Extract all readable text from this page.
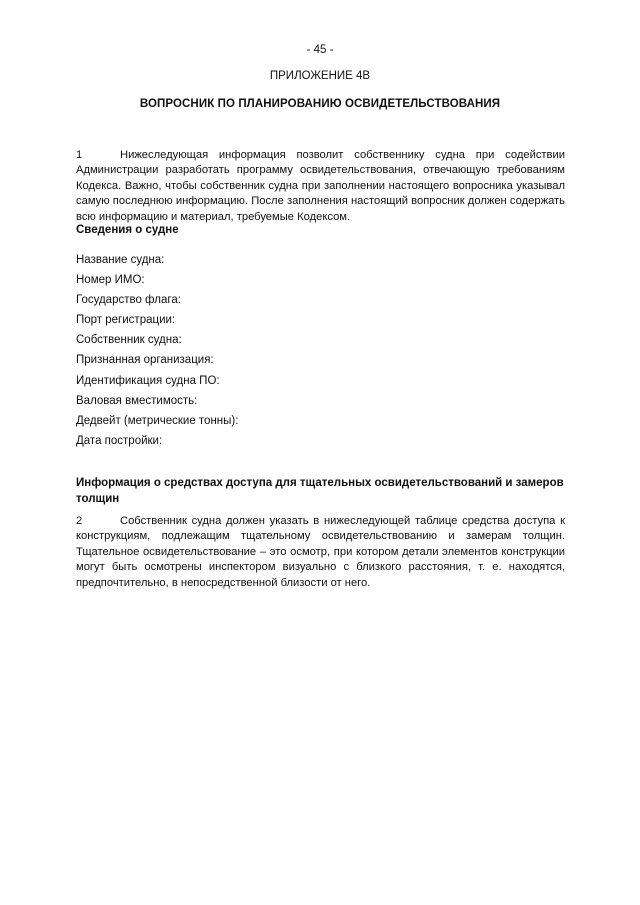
- 45 -
ПРИЛОЖЕНИЕ 4В
ВОПРОСНИК ПО ПЛАНИРОВАНИЮ ОСВИДЕТЕЛЬСТВОВАНИЯ
1	Нижеследующая информация позволит собственнику судна при содействии Администрации разработать программу освидетельствования, отвечающую требованиям Кодекса. Важно, чтобы собственник судна при заполнении настоящего вопросника указывал самую последнюю информацию. После заполнения настоящий вопросник должен содержать всю информацию и материал, требуемые Кодексом.
Сведения о судне
Название судна:
Номер ИМО:
Государство флага:
Порт регистрации:
Собственник судна:
Признанная организация:
Идентификация судна ПО:
Валовая вместимость:
Дедвейт (метрические тонны):
Дата постройки:
Информация о средствах доступа для тщательных освидетельствований и замеров толщин
2	Собственник судна должен указать в нижеследующей таблице средства доступа к конструкциям, подлежащим тщательному освидетельствованию и замерам толщин. Тщательное освидетельствование – это осмотр, при котором детали элементов конструкции могут быть осмотрены инспектором визуально с близкого расстояния, т. е. находятся, предпочтительно, в непосредственной близости от него.
